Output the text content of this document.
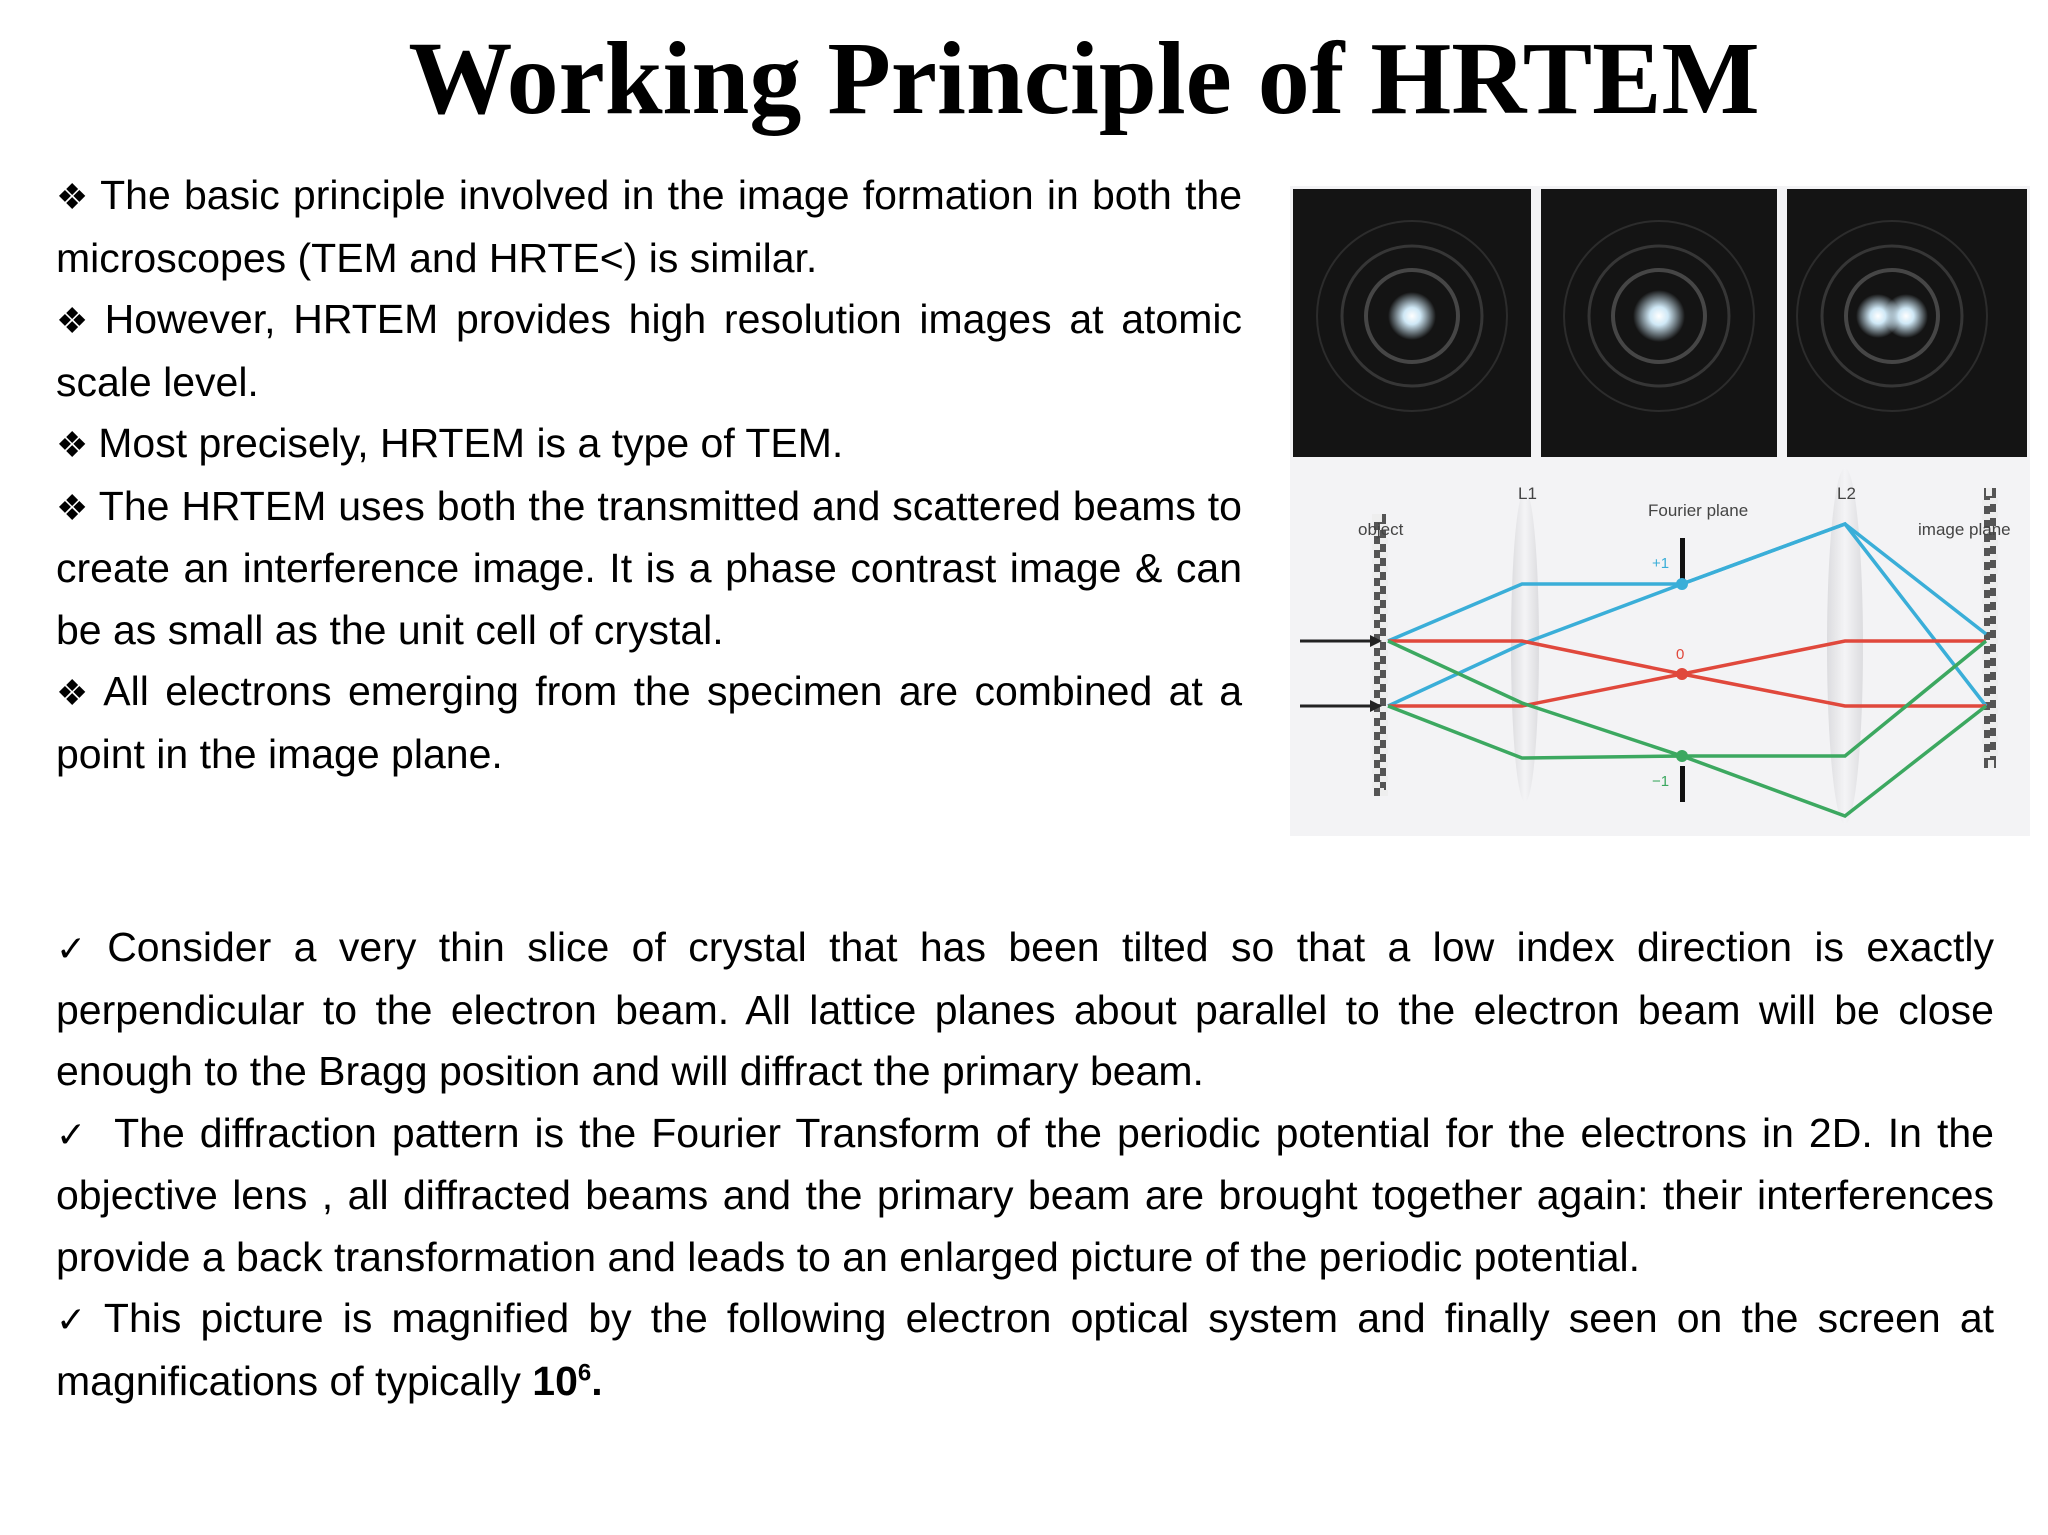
Working Principle of HRTEM

❖ The basic principle involved in the image formation in both the microscopes (TEM and HRTE<) is similar.

❖ However, HRTEM provides high resolution images at atomic scale level.

❖ Most precisely, HRTEM is a type of TEM.

❖ The HRTEM uses both the transmitted and scattered beams to create an interference image. It is a phase contrast image & can be as small as the unit cell of crystal.

❖ All electrons emerging from the specimen are combined at a point in the image plane.

object
L1
Fourier plane
L2
image plane
+1
0
−1

✓ Consider a very thin slice of crystal that has been tilted so that a low index direction is exactly perpendicular to the electron beam. All lattice planes about parallel to the electron beam will be close enough to the Bragg position and will diffract the primary beam.

✓ The diffraction pattern is the Fourier Transform of the periodic potential for the electrons in 2D. In the objective lens , all diffracted beams and the primary beam are brought together again: their interferences provide a back transformation and leads to an enlarged picture of the periodic potential.

✓ This picture is magnified by the following electron optical system and finally seen on the screen at magnifications of typically $10^6$.
